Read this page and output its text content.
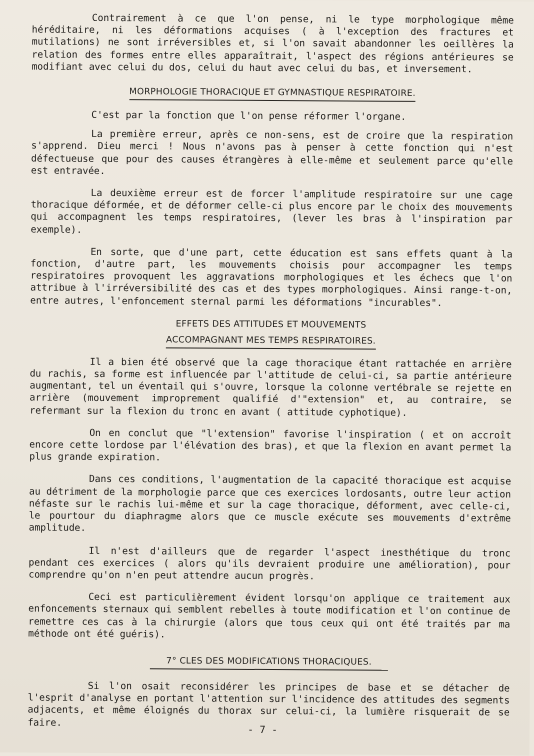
Contrairement à ce que l'on pense, ni le type morphologique même héréditaire, ni les déformations acquises ( à l'exception des fractures et mutilations) ne sont irréversibles et, si l'on savait abandonner les oeillères la relation des formes entre elles apparaîtrait, l'aspect des régions antérieures se modifiant avec celui du dos, celui du haut avec celui du bas, et inversement.

MORPHOLOGIE THORACIQUE ET GYMNASTIQUE RESPIRATOIRE.

C'est par la fonction que l'on pense réformer l'organe.

La première erreur, après ce non-sens, est de croire que la respiration s'apprend. Dieu merci ! Nous n'avons pas à penser à cette fonction qui n'est défectueuse que pour des causes étrangères à elle-même et seulement parce qu'elle est entravée.

La deuxième erreur est de forcer l'amplitude respiratoire sur une cage thoracique déformée, et de déformer celle-ci plus encore par le choix des mouvements qui accompagnent les temps respiratoires, (lever les bras à l'inspiration par exemple).

En sorte, que d'une part, cette éducation est sans effets quant à la fonction, d'autre part, les mouvements choisis pour accompagner les temps respiratoires provoquent les aggravations morphologiques et les échecs que l'on attribue à l'irréversibilité des cas et des types morphologiques. Ainsi range-t-on, entre autres, l'enfoncement sternal parmi les déformations "incurables".

EFFETS DES ATTITUDES ET MOUVEMENTS
ACCOMPAGNANT MES TEMPS RESPIRATOIRES.

Il a bien été observé que la cage thoracique étant rattachée en arrière du rachis, sa forme est influencée par l'attitude de celui-ci, sa partie antérieure augmentant, tel un éventail qui s'ouvre, lorsque la colonne vertébrale se rejette en arrière (mouvement improprement qualifié d'"extension" et, au contraire, se refermant sur la flexion du tronc en avant ( attitude cyphotique).

On en conclut que "l'extension" favorise l'inspiration ( et on accroît encore cette lordose par l'élévation des bras), et que la flexion en avant permet la plus grande expiration.

Dans ces conditions, l'augmentation de la capacité thoracique est acquise au détriment de la morphologie parce que ces exercices lordosants, outre leur action néfaste sur le rachis lui-même et sur la cage thoracique, déforment, avec celle-ci, le pourtour du diaphragme alors que ce muscle exécute ses mouvements d'extrême amplitude.

Il n'est d'ailleurs que de regarder l'aspect inesthétique du tronc pendant ces exercices ( alors qu'ils devraient produire une amélioration), pour comprendre qu'on n'en peut attendre aucun progrès.

Ceci est particulièrement évident lorsqu'on applique ce traitement aux enfoncements sternaux qui semblent rebelles à toute modification et l'on continue de remettre ces cas à la chirurgie (alors que tous ceux qui ont été traités par ma méthode ont été guéris).

7° CLES DES MODIFICATIONS THORACIQUES.

Si l'on osait reconsidérer les principes de base et se détacher de l'esprit d'analyse en portant l'attention sur l'incidence des attitudes des segments adjacents, et même éloignés du thorax sur celui-ci, la lumière risquerait de se faire.

- 7 -
